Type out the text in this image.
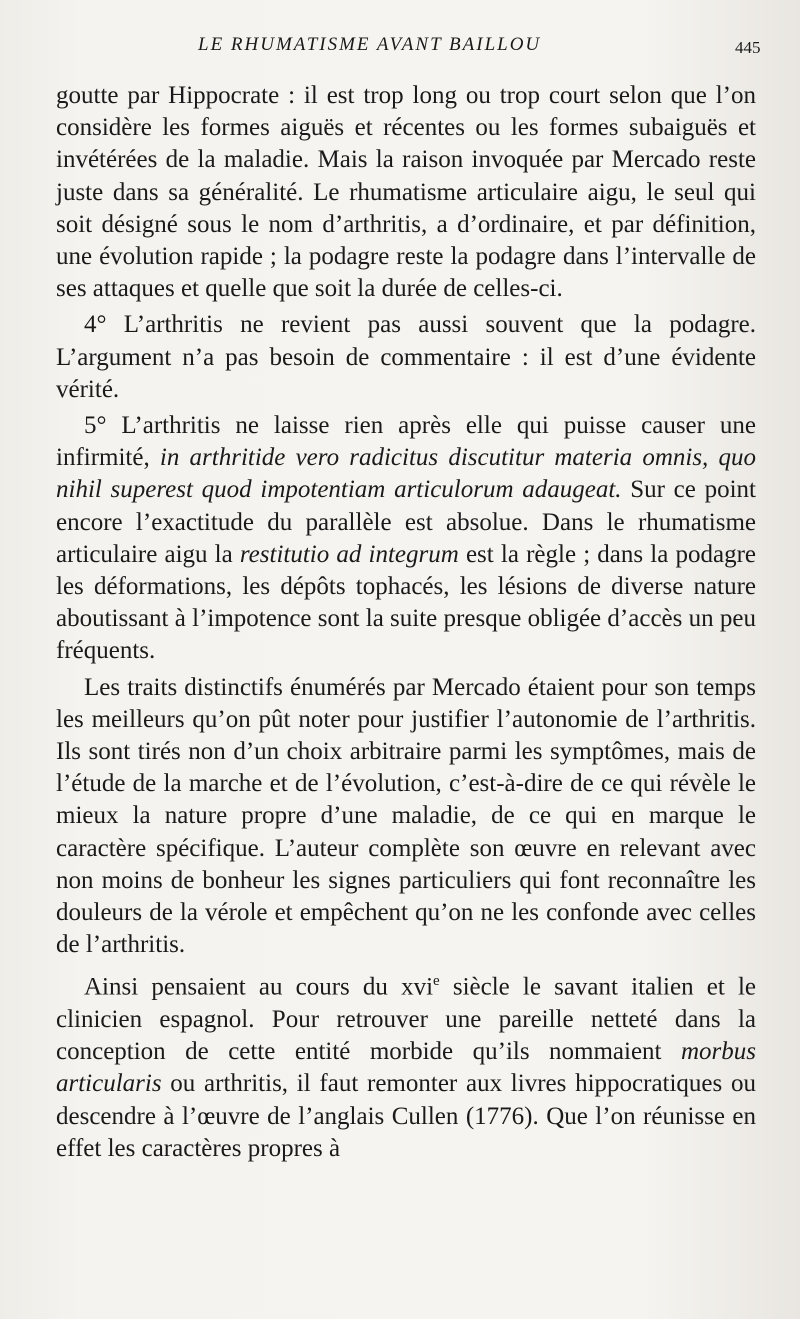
LE RHUMATISME AVANT BAILLOU	445

goutte par Hippocrate : il est trop long ou trop court selon que l’on considère les formes aiguës et récentes ou les formes subaiguës et invétérées de la maladie. Mais la raison invoquée par Mercado reste juste dans sa généralité. Le rhumatisme articulaire aigu, le seul qui soit désigné sous le nom d’arthritis, a d’ordinaire, et par définition, une évolution rapide ; la podagre reste la podagre dans l’intervalle de ses attaques et quelle que soit la durée de celles-ci.

4° L’arthritis ne revient pas aussi souvent que la podagre. L’argument n’a pas besoin de commentaire : il est d’une évidente vérité.

5° L’arthritis ne laisse rien après elle qui puisse causer une infirmité, in arthritide vero radicitus discutitur materia omnis, quo nihil superest quod impotentiam articulorum adaugeat. Sur ce point encore l’exactitude du parallèle est absolue. Dans le rhumatisme articulaire aigu la restitutio ad integrum est la règle ; dans la podagre les déformations, les dépôts tophacés, les lésions de diverse nature aboutissant à l’impotence sont la suite presque obligée d’accès un peu fréquents.

Les traits distinctifs énumérés par Mercado étaient pour son temps les meilleurs qu’on pût noter pour justifier l’autonomie de l’arthritis. Ils sont tirés non d’un choix arbitraire parmi les symptômes, mais de l’étude de la marche et de l’évolution, c’est-à-dire de ce qui révèle le mieux la nature propre d’une maladie, de ce qui en marque le caractère spécifique. L’auteur complète son œuvre en relevant avec non moins de bonheur les signes particuliers qui font reconnaître les douleurs de la vérole et empêchent qu’on ne les confonde avec celles de l’arthritis.

Ainsi pensaient au cours du xvi$^e$ siècle le savant italien et le clinicien espagnol. Pour retrouver une pareille netteté dans la conception de cette entité morbide qu’ils nommaient morbus articularis ou arthritis, il faut remonter aux livres hippocratiques ou descendre à l’œuvre de l’anglais Cullen (1776). Que l’on réunisse en effet les caractères propres à
